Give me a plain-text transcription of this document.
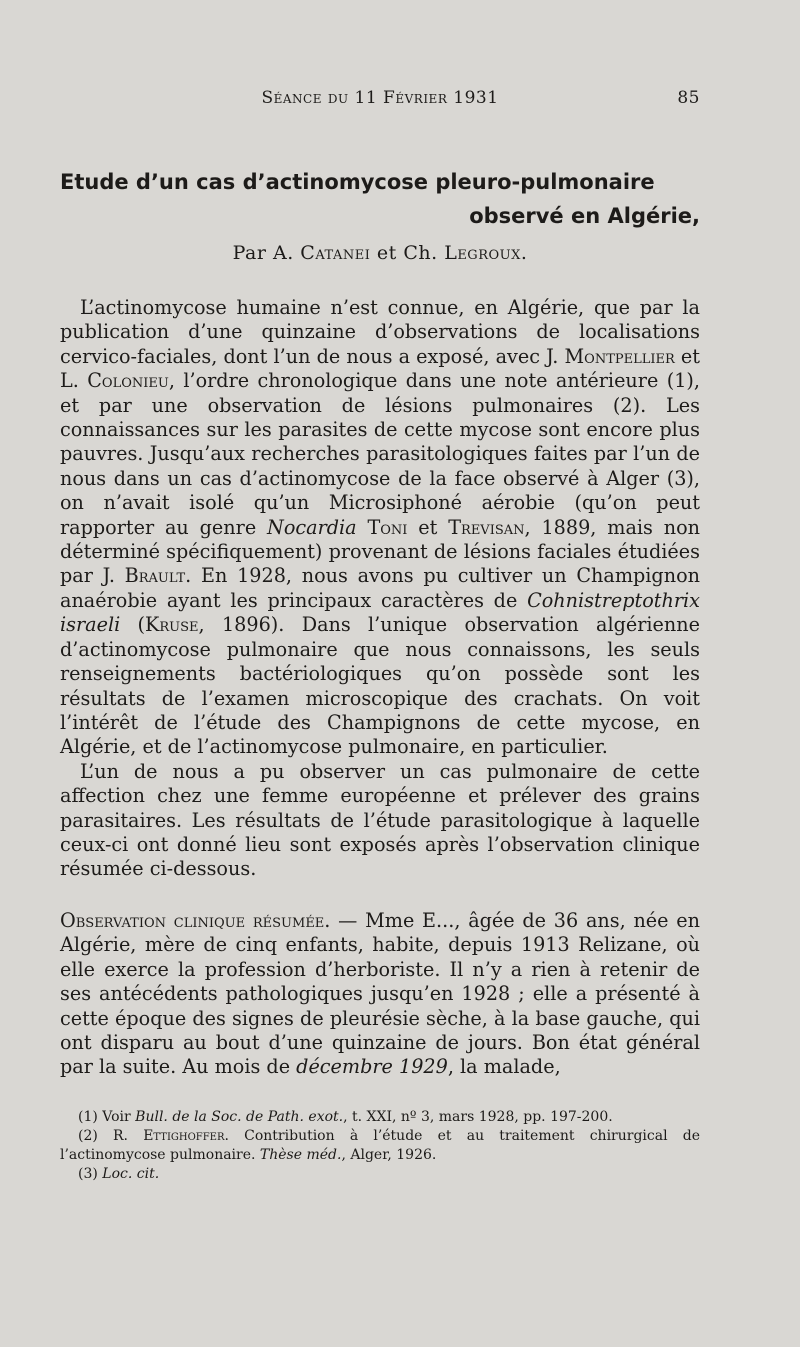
Séance du 11 Février 1931	85
Etude d’un cas d’actinomycose pleuro-pulmonaire
observé en Algérie,
Par A. Catanei et Ch. Legroux.

L’actinomycose humaine n’est connue, en Algérie, que par la publication d’une quinzaine d’observations de localisations cervico-faciales, dont l’un de nous a exposé, avec J. Montpellier et L. Colonieu, l’ordre chronologique dans une note antérieure (1), et par une observation de lésions pulmonaires (2). Les connaissances sur les parasites de cette mycose sont encore plus pauvres. Jusqu’aux recherches parasitologiques faites par l’un de nous dans un cas d’actinomycose de la face observé à Alger (3), on n’avait isolé qu’un Microsiphoné aérobie (qu’on peut rapporter au genre Nocardia Toni et Trevisan, 1889, mais non déterminé spécifiquement) provenant de lésions faciales étudiées par J. Brault. En 1928, nous avons pu cultiver un Champignon anaérobie ayant les principaux caractères de Cohnistreptothrix israeli (Kruse, 1896). Dans l’unique observation algérienne d’actinomycose pulmonaire que nous connaissons, les seuls renseignements bactériologiques qu’on possède sont les résultats de l’examen microscopique des crachats. On voit l’intérêt de l’étude des Champignons de cette mycose, en Algérie, et de l’actinomycose pulmonaire, en particulier.

L’un de nous a pu observer un cas pulmonaire de cette affection chez une femme européenne et prélever des grains parasitaires. Les résultats de l’étude parasitologique à laquelle ceux-ci ont donné lieu sont exposés après l’observation clinique résumée ci-dessous.

Observation clinique résumée. — Mme E..., âgée de 36 ans, née en Algérie, mère de cinq enfants, habite, depuis 1913 Relizane, où elle exerce la profession d’herboriste. Il n’y a rien à retenir de ses antécédents pathologiques jusqu’en 1928 ; elle a présenté à cette époque des signes de pleurésie sèche, à la base gauche, qui ont disparu au bout d’une quinzaine de jours. Bon état général par la suite. Au mois de décembre 1929, la malade,

(1) Voir Bull. de la Soc. de Path. exot., t. XXI, nº 3, mars 1928, pp. 197-200.

(2) R. Ettighoffer. Contribution à l’étude et au traitement chirurgical de l’actinomycose pulmonaire. Thèse méd., Alger, 1926.

(3) Loc. cit.
